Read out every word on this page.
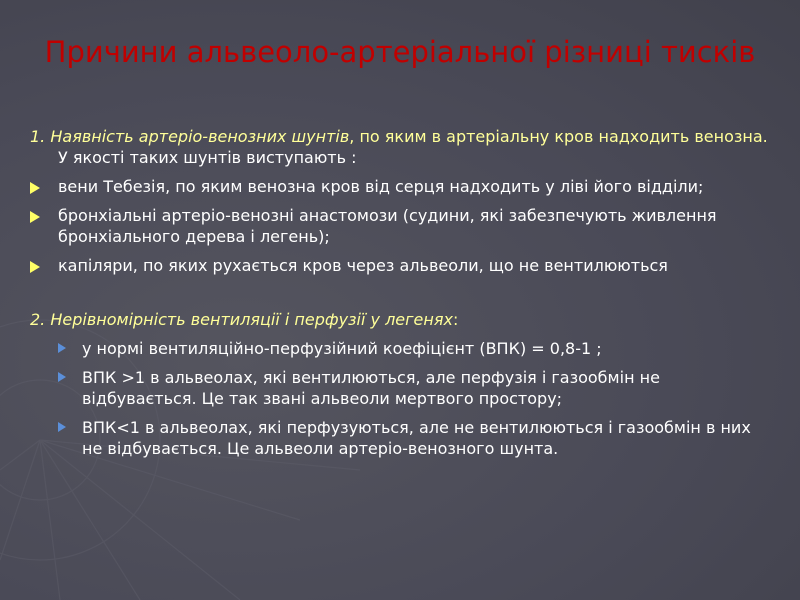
Причини альвеоло-артеріальної різниці тисків

1. Наявність артеріо-венозних шунтів, по яким в артеріальну кров надходить венозна. У якості таких шунтів виступають :

вени Тебезія, по яким венозна кров від серця надходить у ліві його відділи;
бронхіальні артеріо-венозні анастомози (судини, які забезпечують живлення бронхіального дерева і легень);
капіляри, по яких рухається кров через альвеоли, що не вентилюються

2. Нерівномірність вентиляції і перфузії у легенях:

у нормі вентиляційно-перфузійний коефіцієнт (ВПК) = 0,8-1 ;
ВПК >1 в альвеолах, які вентилюються, але перфузія і газообмін не відбувається. Це так звані альвеоли мертвого простору;
ВПК<1 в альвеолах, які перфузуються, але не вентилюються і газообмін в них не відбувається. Це альвеоли артеріо-венозного шунта.
